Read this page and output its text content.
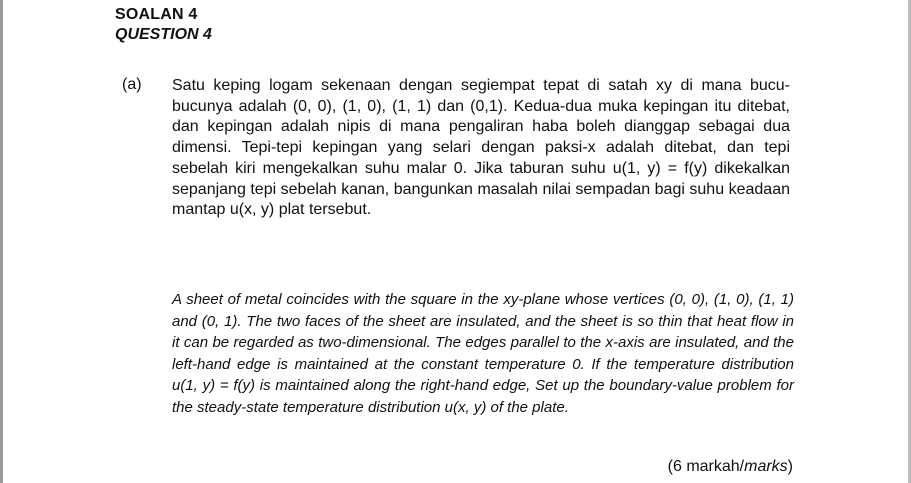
SOALAN 4
QUESTION 4
(a) Satu keping logam sekenaan dengan segiempat tepat di satah xy di mana bucu-bucunya adalah (0, 0), (1, 0), (1, 1) dan (0,1). Kedua-dua muka kepingan itu ditebat, dan kepingan adalah nipis di mana pengaliran haba boleh dianggap sebagai dua dimensi. Tepi-tepi kepingan yang selari dengan paksi-x adalah ditebat, dan tepi sebelah kiri mengekalkan suhu malar 0. Jika taburan suhu u(1, y) = f(y) dikekalkan sepanjang tepi sebelah kanan, bangunkan masalah nilai sempadan bagi suhu keadaan mantap u(x, y) plat tersebut.
A sheet of metal coincides with the square in the xy-plane whose vertices (0, 0), (1, 0), (1, 1) and (0, 1). The two faces of the sheet are insulated, and the sheet is so thin that heat flow in it can be regarded as two-dimensional. The edges parallel to the x-axis are insulated, and the left-hand edge is maintained at the constant temperature 0. If the temperature distribution u(1, y) = f(y) is maintained along the right-hand edge, Set up the boundary-value problem for the steady-state temperature distribution u(x, y) of the plate.
(6 markah/marks)
